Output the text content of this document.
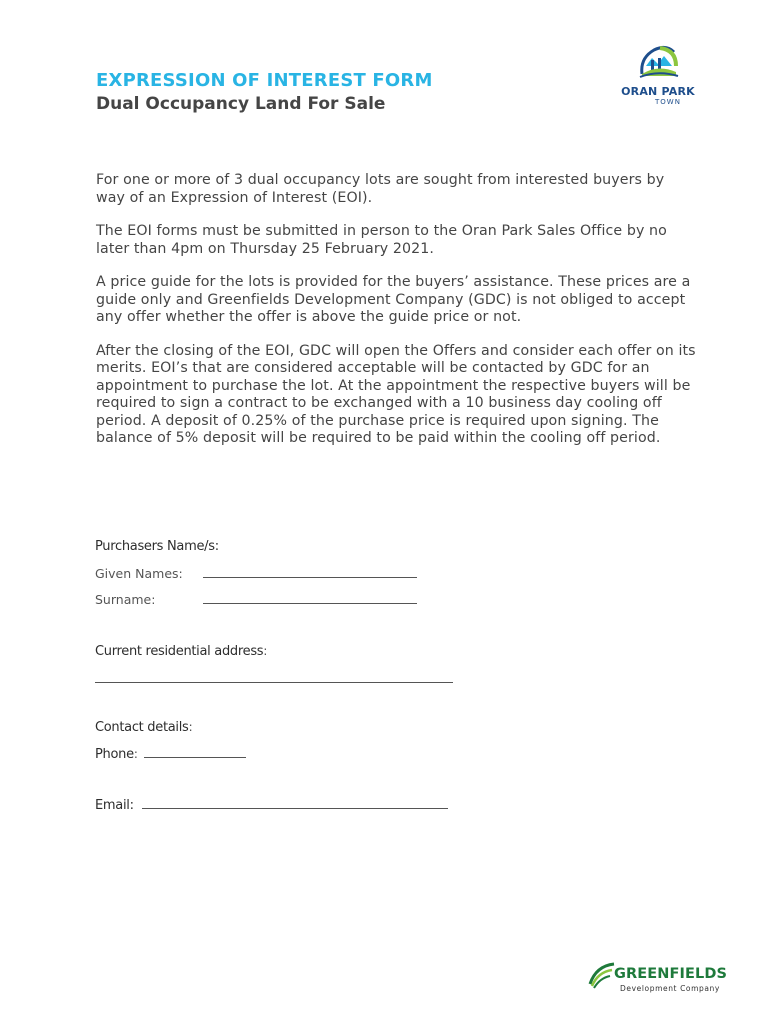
EXPRESSION OF INTEREST FORM
Dual Occupancy Land For Sale
ORAN PARK
TOWN

For one or more of 3 dual occupancy lots are sought from interested buyers by way of an Expression of Interest (EOI).

The EOI forms must be submitted in person to the Oran Park Sales Office by no later than 4pm on Thursday 25 February 2021.

A price guide for the lots is provided for the buyers’ assistance. These prices are a guide only and Greenfields Development Company (GDC) is not obliged to accept any offer whether the offer is above the guide price or not.

After the closing of the EOI, GDC will open the Offers and consider each offer on its merits. EOI’s that are considered acceptable will be contacted by GDC for an appointment to purchase the lot. At the appointment the respective buyers will be required to sign a contract to be exchanged with a 10 business day cooling off period. A deposit of 0.25% of the purchase price is required upon signing. The balance of 5% deposit will be required to be paid within the cooling off period.

Purchasers Name/s:
Given Names:
Surname:
Current residential address:
Contact details:
Phone:
Email:
GREENFIELDS
Development Company
